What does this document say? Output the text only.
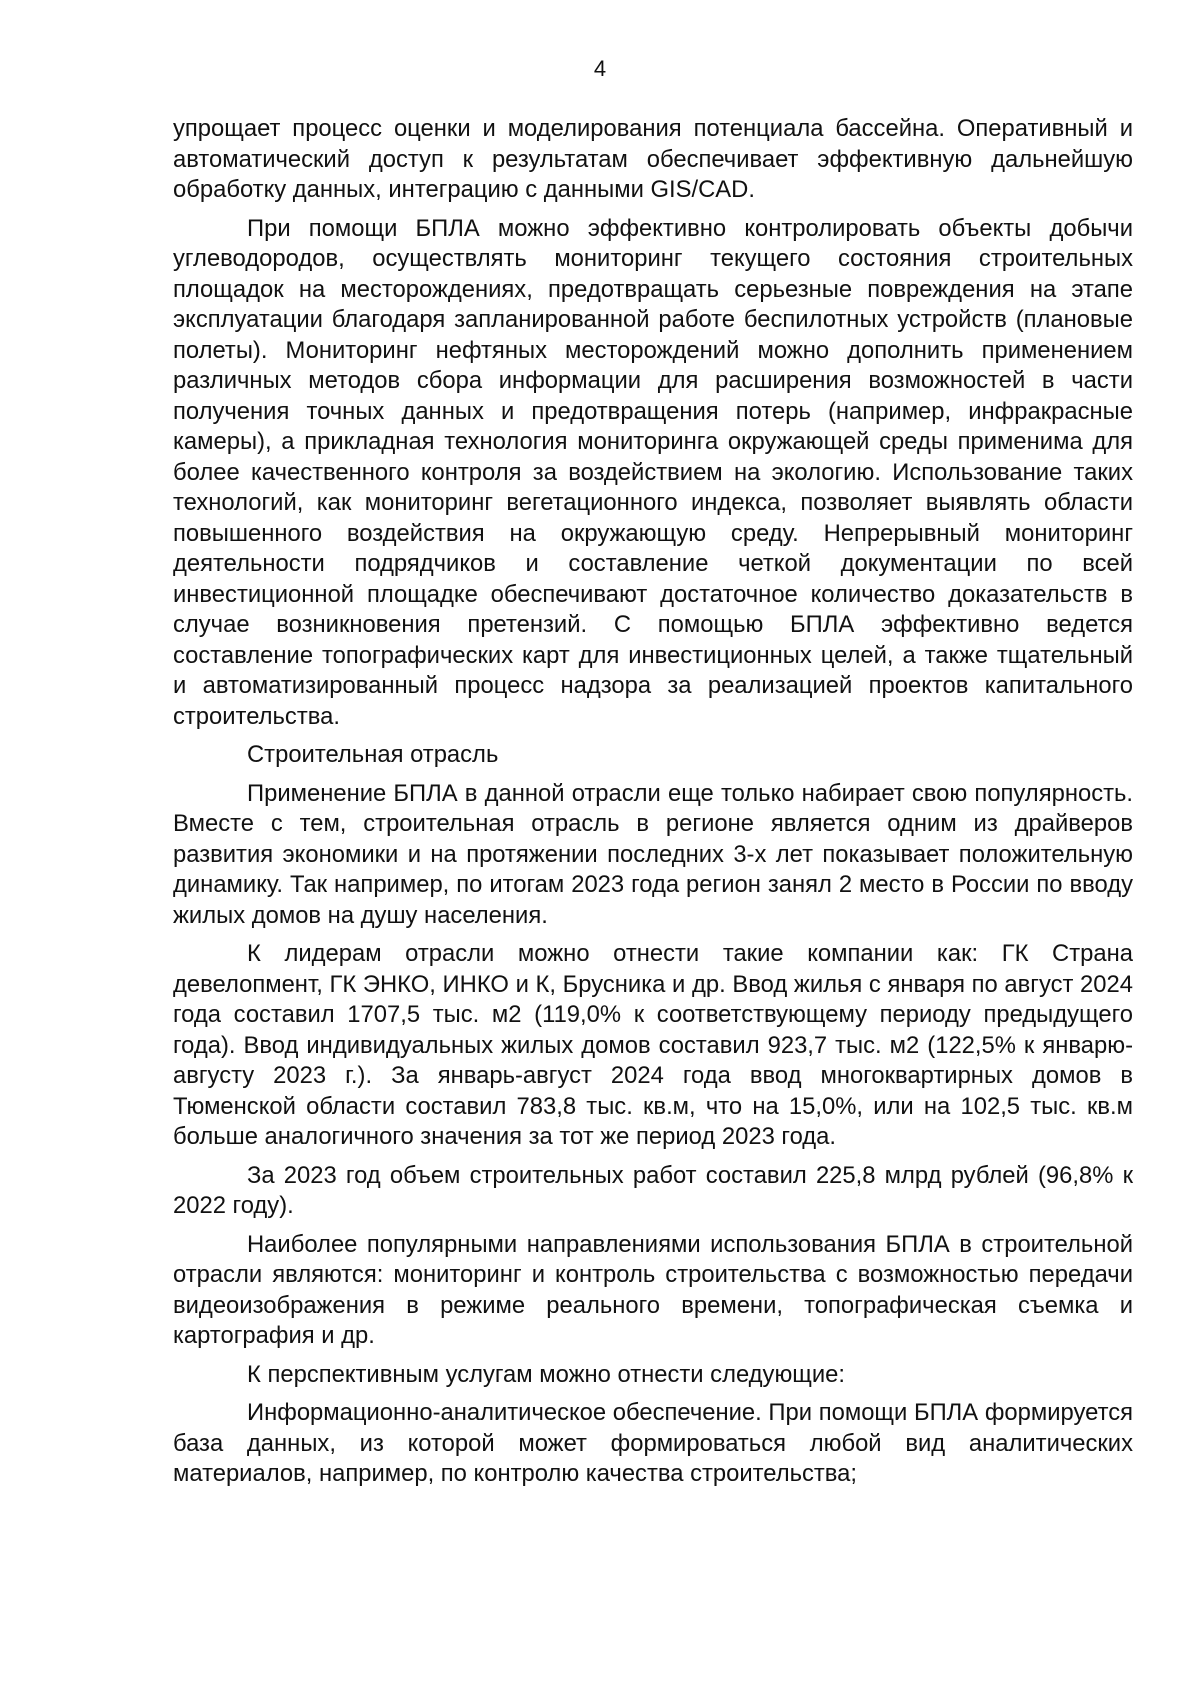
4

упрощает процесс оценки и моделирования потенциала бассейна. Оперативный и автоматический доступ к результатам обеспечивает эффективную дальнейшую обработку данных, интеграцию с данными GIS/CAD.

При помощи БПЛА можно эффективно контролировать объекты добычи углеводородов, осуществлять мониторинг текущего состояния строительных площадок на месторождениях, предотвращать серьезные повреждения на этапе эксплуатации благодаря запланированной работе беспилотных устройств (плановые полеты). Мониторинг нефтяных месторождений можно дополнить применением различных методов сбора информации для расширения возможностей в части получения точных данных и предотвращения потерь (например, инфракрасные камеры), а прикладная технология мониторинга окружающей среды применима для более качественного контроля за воздействием на экологию. Использование таких технологий, как мониторинг вегетационного индекса, позволяет выявлять области повышенного воздействия на окружающую среду. Непрерывный мониторинг деятельности подрядчиков и составление четкой документации по всей инвестиционной площадке обеспечивают достаточное количество доказательств в случае возникновения претензий. С помощью БПЛА эффективно ведется составление топографических карт для инвестиционных целей, а также тщательный и автоматизированный процесс надзора за реализацией проектов капитального строительства.

Строительная отрасль

Применение БПЛА в данной отрасли еще только набирает свою популярность. Вместе с тем, строительная отрасль в регионе является одним из драйверов развития экономики и на протяжении последних 3-х лет показывает положительную динамику. Так например, по итогам 2023 года регион занял 2 место в России по вводу жилых домов на душу населения.

К лидерам отрасли можно отнести такие компании как: ГК Страна девелопмент, ГК ЭНКО, ИНКО и К, Брусника и др. Ввод жилья с января по август 2024 года составил 1707,5 тыс. м2 (119,0% к соответствующему периоду предыдущего года). Ввод индивидуальных жилых домов составил 923,7 тыс. м2 (122,5% к январю-августу 2023 г.). За январь-август 2024 года ввод многоквартирных домов в Тюменской области составил 783,8 тыс. кв.м, что на 15,0%, или на 102,5 тыс. кв.м больше аналогичного значения за тот же период 2023 года.

За 2023 год объем строительных работ составил 225,8 млрд рублей (96,8% к 2022 году).

Наиболее популярными направлениями использования БПЛА в строительной отрасли являются: мониторинг и контроль строительства с возможностью передачи видеоизображения в режиме реального времени, топографическая съемка и картография и др.

К перспективным услугам можно отнести следующие:

Информационно-аналитическое обеспечение. При помощи БПЛА формируется база данных, из которой может формироваться любой вид аналитических материалов, например, по контролю качества строительства;
